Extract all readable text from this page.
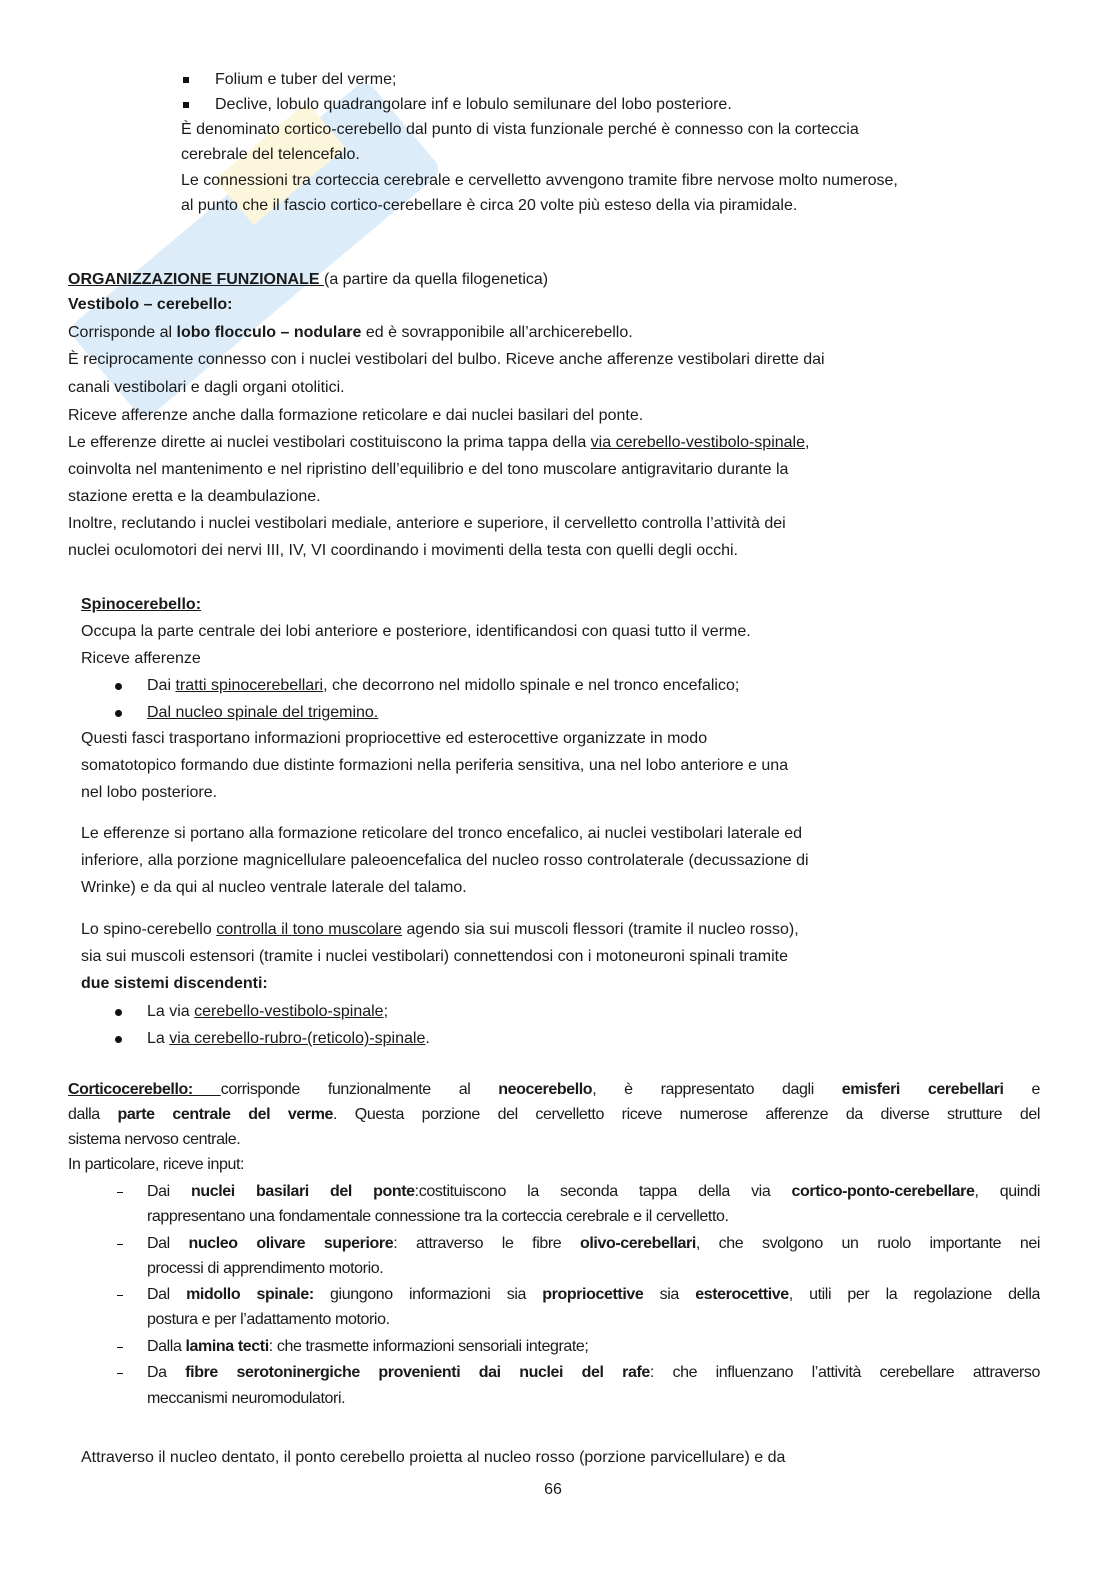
Folium e tuber del verme;
Declive, lobulo quadrangolare inf e lobulo semilunare del lobo posteriore.
È denominato cortico-cerebello dal punto di vista funzionale perché è connesso con la corteccia
cerebrale del telencefalo.
Le connessioni tra corteccia cerebrale e cervelletto avvengono tramite fibre nervose molto numerose,
al punto che il fascio cortico-cerebellare è circa 20 volte più esteso della via piramidale.
ORGANIZZAZIONE FUNZIONALE (a partire da quella filogenetica)
Vestibolo – cerebello:
Corrisponde al lobo flocculo – nodulare ed è sovrapponibile all’archicerebello.
È reciprocamente connesso con i nuclei vestibolari del bulbo. Riceve anche afferenze vestibolari dirette dai
canali vestibolari e dagli organi otolitici.
Riceve afferenze anche dalla formazione reticolare e dai nuclei basilari del ponte.
Le efferenze dirette ai nuclei vestibolari costituiscono la prima tappa della via cerebello-vestibolo-spinale,
coinvolta nel mantenimento e nel ripristino dell’equilibrio e del tono muscolare antigravitario durante la
stazione eretta e la deambulazione.
Inoltre, reclutando i nuclei vestibolari mediale, anteriore e superiore, il cervelletto controlla l’attività dei
nuclei oculomotori dei nervi III, IV, VI coordinando i movimenti della testa con quelli degli occhi.
Spinocerebello:
Occupa la parte centrale dei lobi anteriore e posteriore, identificandosi con quasi tutto il verme.
Riceve afferenze
Dai tratti spinocerebellari, che decorrono nel midollo spinale e nel tronco encefalico;
Dal nucleo spinale del trigemino.
Questi fasci trasportano informazioni propriocettive ed esterocettive organizzate in modo
somatotopico formando due distinte formazioni nella periferia sensitiva, una nel lobo anteriore e una
nel lobo posteriore.
Le efferenze si portano alla formazione reticolare del tronco encefalico, ai nuclei vestibolari laterale ed
inferiore, alla porzione magnicellulare paleoencefalica del nucleo rosso controlaterale (decussazione di
Wrinke) e da qui al nucleo ventrale laterale del talamo.
Lo spino-cerebello controlla il tono muscolare agendo sia sui muscoli flessori (tramite il nucleo rosso),
sia sui muscoli estensori (tramite i nuclei vestibolari) connettendosi con i motoneuroni spinali tramite
due sistemi discendenti:
La via cerebello-vestibolo-spinale;
La via cerebello-rubro-(reticolo)-spinale.
Corticocerebello: corrisponde funzionalmente al neocerebello, è rappresentato dagli emisferi cerebellari e
dalla parte centrale del verme. Questa porzione del cervelletto riceve numerose afferenze da diverse strutture del
sistema nervoso centrale.
In particolare, riceve input:
Dai nuclei basilari del ponte:costituiscono la seconda tappa della via cortico-ponto-cerebellare, quindi
rappresentano una fondamentale connessione tra la corteccia cerebrale e il cervelletto.
Dal nucleo olivare superiore: attraverso le fibre olivo-cerebellari, che svolgono un ruolo importante nei
processi di apprendimento motorio.
Dal midollo spinale: giungono informazioni sia propriocettive sia esterocettive, utili per la regolazione della
postura e per l’adattamento motorio.
Dalla lamina tecti: che trasmette informazioni sensoriali integrate;
Da fibre serotoninergiche provenienti dai nuclei del rafe: che influenzano l’attività cerebellare attraverso
meccanismi neuromodulatori.
Attraverso il nucleo dentato, il ponto cerebello proietta al nucleo rosso (porzione parvicellulare) e da
66
